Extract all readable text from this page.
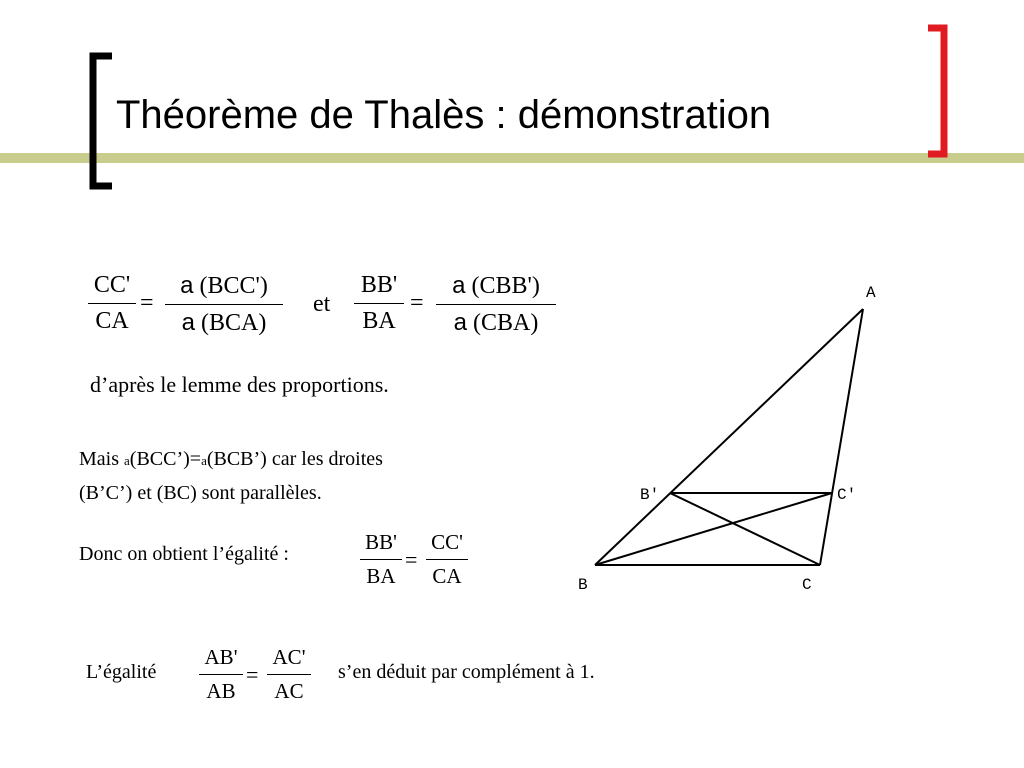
Théorème de Thalès : démonstration
CC'
CA
=
a (BCC')
a (BCA)
et
BB'
BA
=
a (CBB')
a (CBA)
d’après le lemme des proportions.
Mais a(BCC’)=a(BCB’) car les droites
(B’C’) et (BC) sont parallèles.
Donc on obtient l’égalité :	BB'
BA
=
CC'
CA
L’égalité
AB'
AB
=
AC'
AC
s’en déduit par complément à 1.
A
B'	C'
B	C
